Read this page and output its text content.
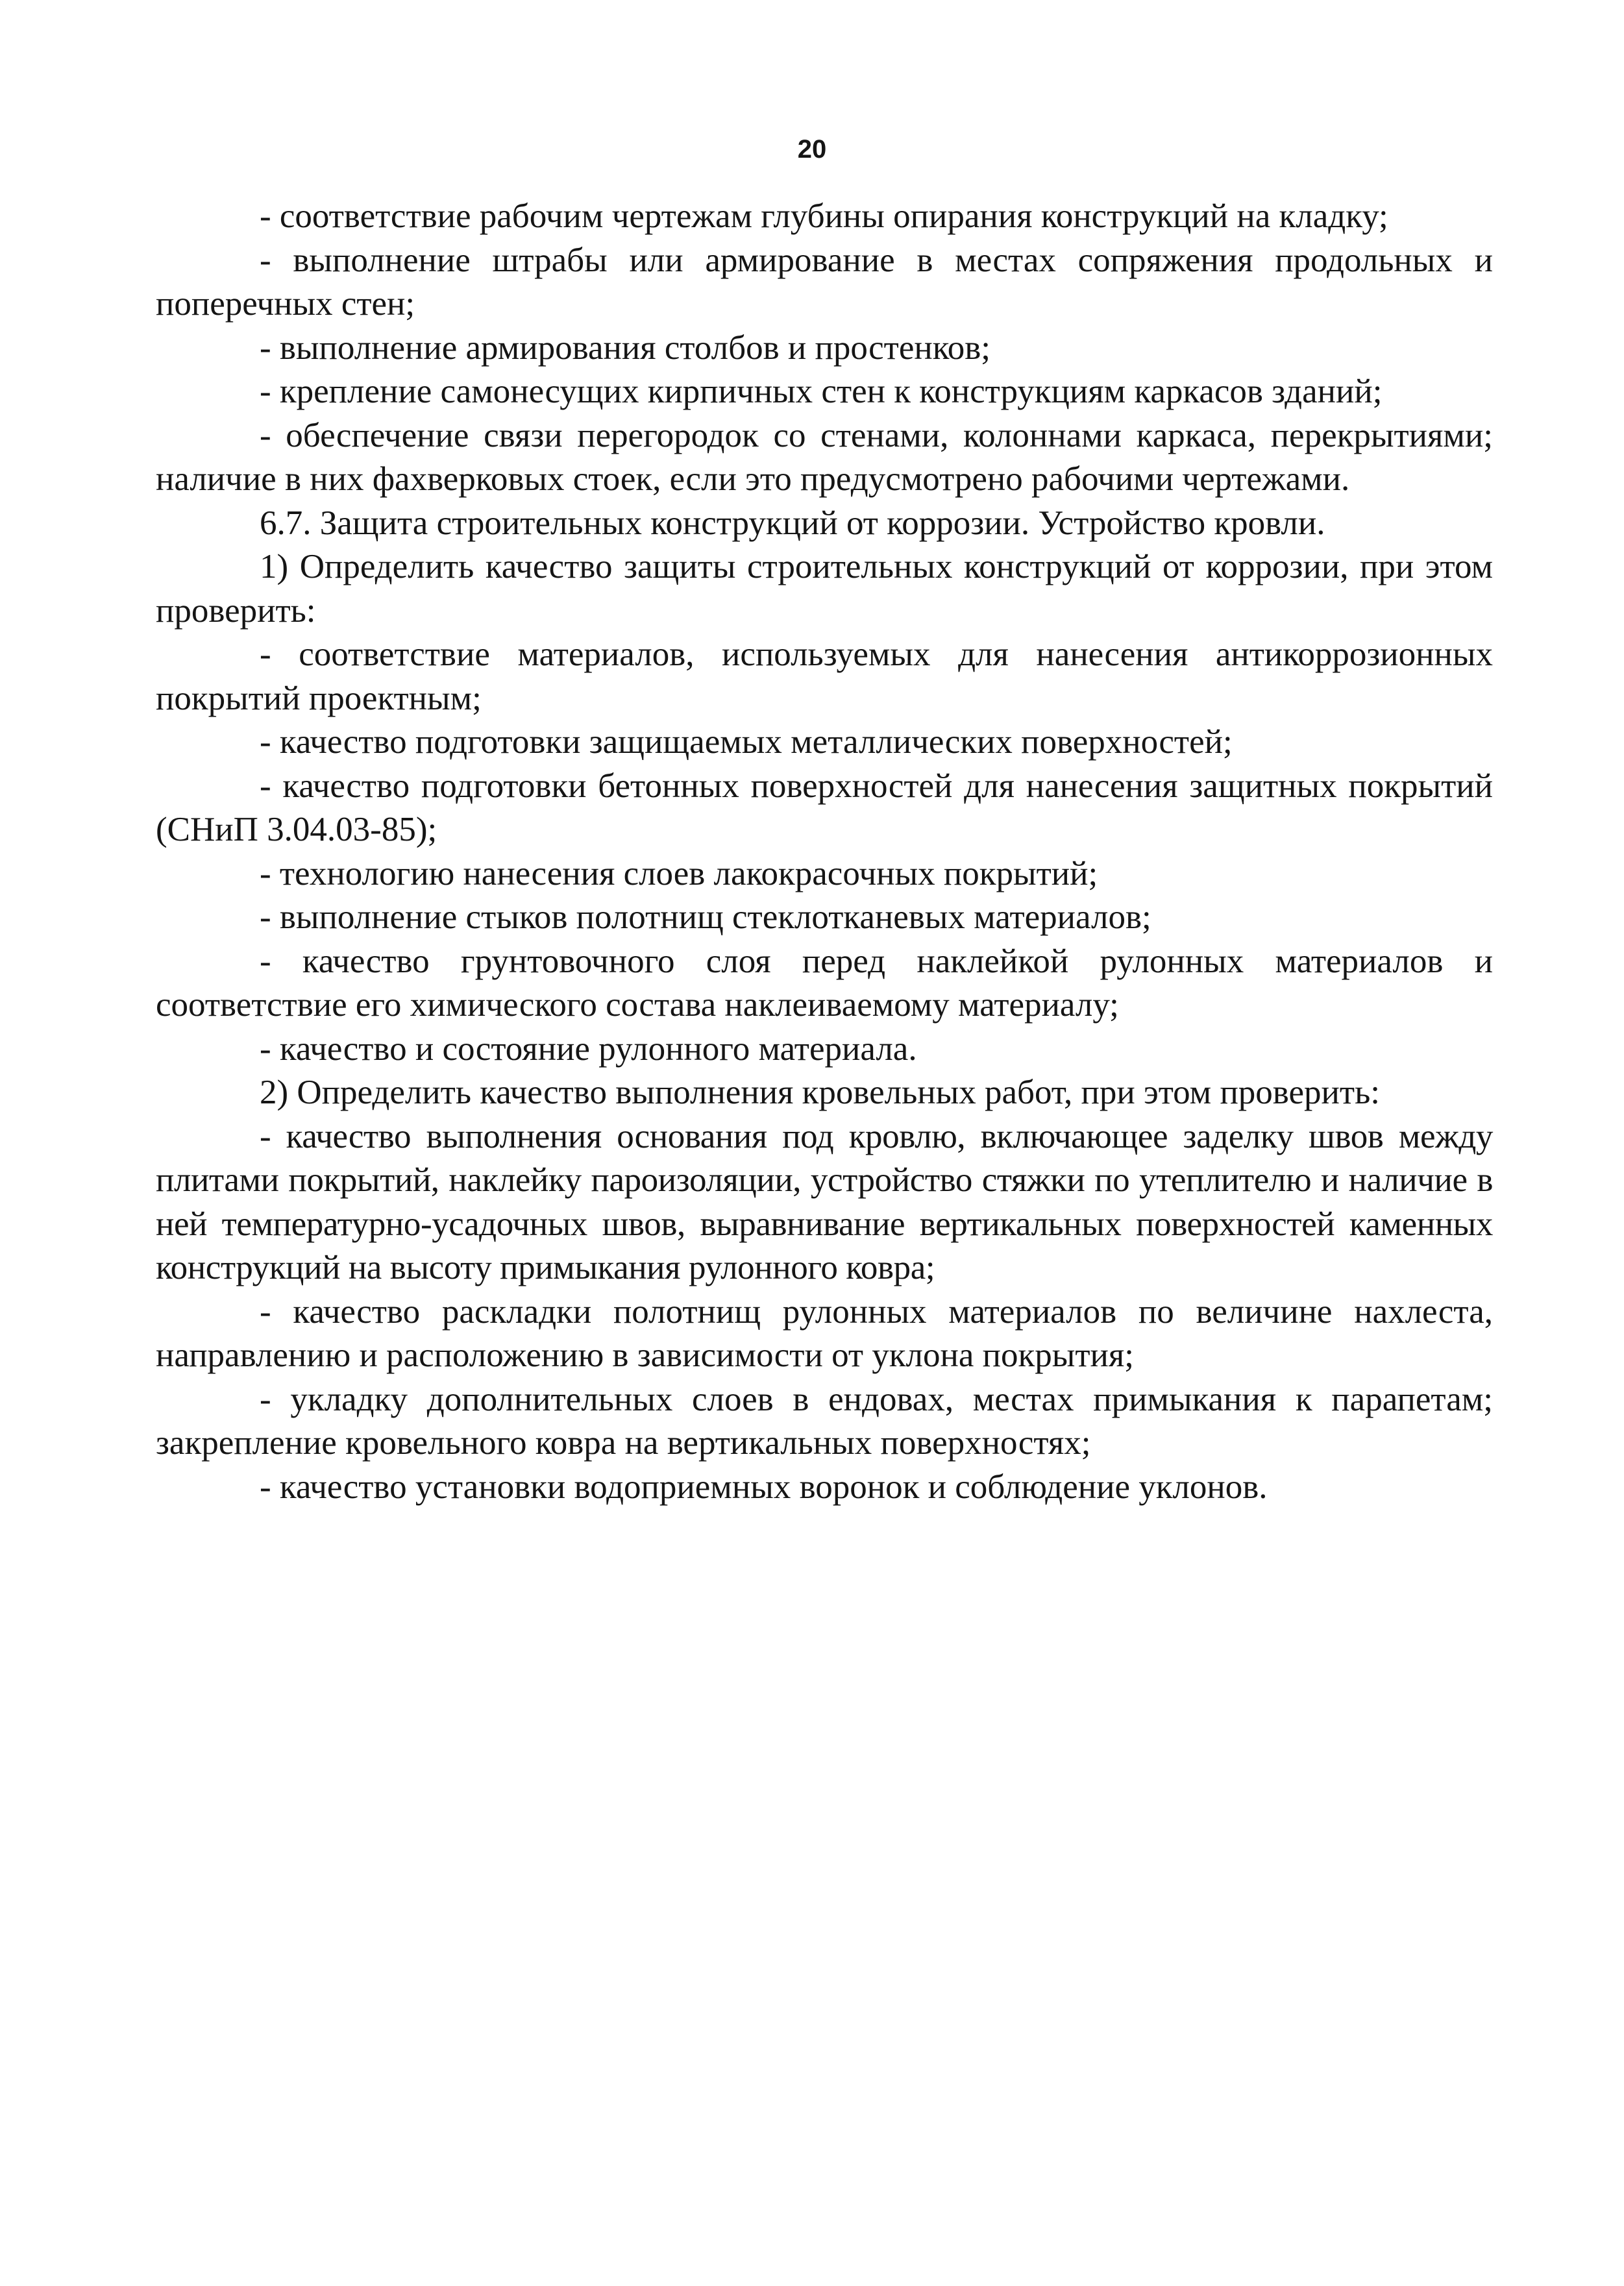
20

- соответствие рабочим чертежам глубины опирания конструкций на кладку;

- выполнение штрабы или армирование в местах сопряжения продольных и поперечных стен;

- выполнение армирования столбов и простенков;

- крепление самонесущих кирпичных стен к конструкциям каркасов зданий;

- обеспечение связи перегородок со стенами, колоннами каркаса, перекрытиями; наличие в них фахверковых стоек, если это предусмотрено рабочими чертежами.

6.7. Защита строительных конструкций от коррозии. Устройство кровли.

1) Определить качество защиты строительных конструкций от коррозии, при этом проверить:

- соответствие материалов, используемых для нанесения антикоррозионных покрытий проектным;

- качество подготовки защищаемых металлических поверхностей;

- качество подготовки бетонных поверхностей для нанесения защитных покрытий (СНиП 3.04.03-85);

- технологию нанесения слоев лакокрасочных покрытий;

- выполнение стыков полотнищ стеклотканевых материалов;

- качество грунтовочного слоя перед наклейкой рулонных материалов и соответствие его химического состава наклеиваемому материалу;

- качество и состояние рулонного материала.

2) Определить качество выполнения кровельных работ, при этом проверить:

- качество выполнения основания под кровлю, включающее заделку швов между плитами покрытий, наклейку пароизоляции, устройство стяжки по утеплителю и наличие в ней температурно-усадочных швов, выравнивание вертикальных поверхностей каменных конструкций на высоту примыкания рулонного ковра;

- качество раскладки полотнищ рулонных материалов по величине нахлеста, направлению и расположению в зависимости от уклона покрытия;

- укладку дополнительных слоев в ендовах, местах примыкания к парапетам; закрепление кровельного ковра на вертикальных поверхностях;

- качество установки водоприемных воронок и соблюдение уклонов.
